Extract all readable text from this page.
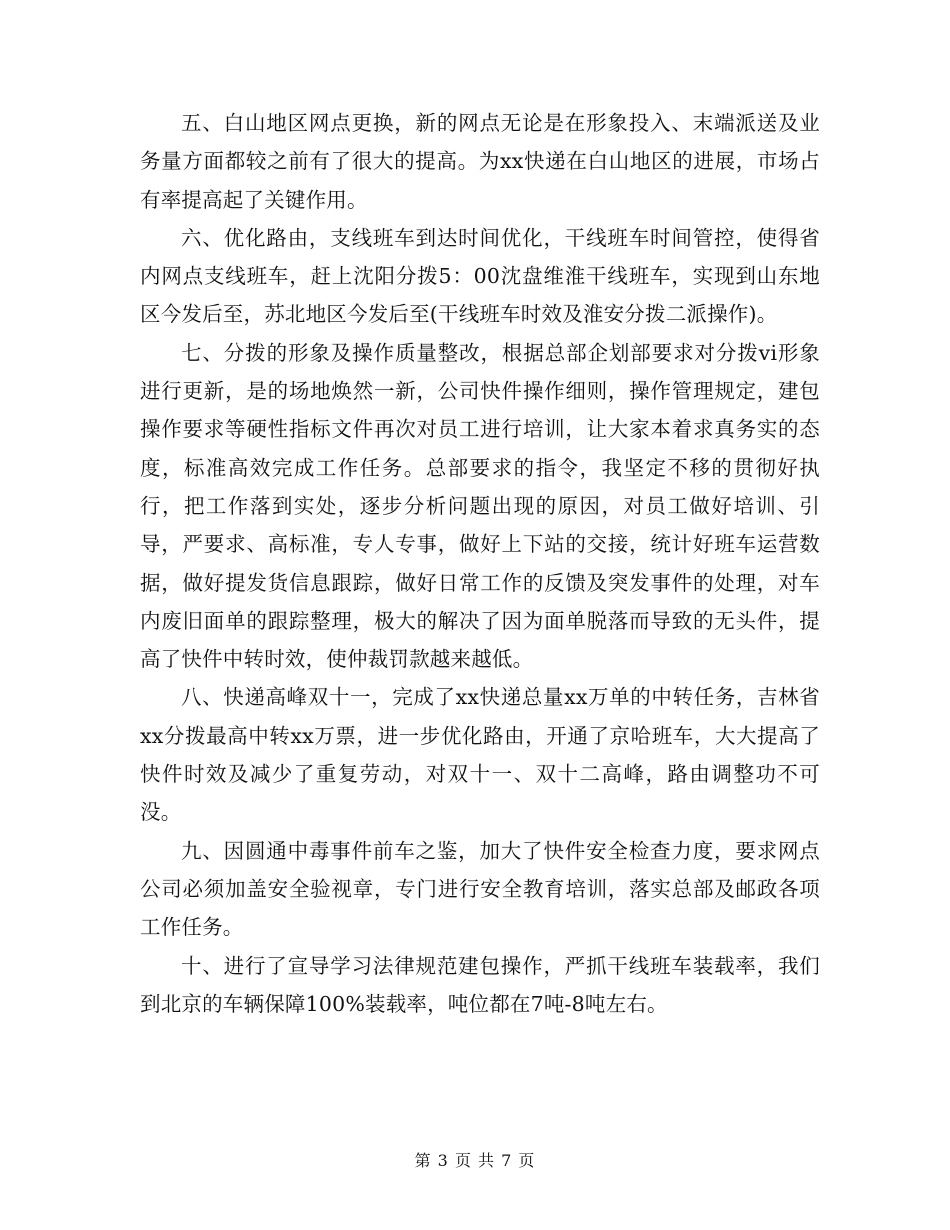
五、白山地区网点更换，新的网点无论是在形象投入、末端派送及业务量方面都较之前有了很大的提高。为xx快递在白山地区的进展，市场占有率提高起了关键作用。

六、优化路由，支线班车到达时间优化，干线班车时间管控，使得省内网点支线班车，赶上沈阳分拨5：00沈盘维淮干线班车，实现到山东地区今发后至，苏北地区今发后至(干线班车时效及淮安分拨二派操作)。

七、分拨的形象及操作质量整改，根据总部企划部要求对分拨vi形象进行更新，是的场地焕然一新，公司快件操作细则，操作管理规定，建包操作要求等硬性指标文件再次对员工进行培训，让大家本着求真务实的态度，标准高效完成工作任务。总部要求的指令，我坚定不移的贯彻好执行，把工作落到实处，逐步分析问题出现的原因，对员工做好培训、引导，严要求、高标准，专人专事，做好上下站的交接，统计好班车运营数据，做好提发货信息跟踪，做好日常工作的反馈及突发事件的处理，对车内废旧面单的跟踪整理，极大的解决了因为面单脱落而导致的无头件，提高了快件中转时效，使仲裁罚款越来越低。

八、快递高峰双十一，完成了xx快递总量xx万单的中转任务，吉林省xx分拨最高中转xx万票，进一步优化路由，开通了京哈班车，大大提高了快件时效及减少了重复劳动，对双十一、双十二高峰，路由调整功不可没。

九、因圆通中毒事件前车之鉴，加大了快件安全检查力度，要求网点公司必须加盖安全验视章，专门进行安全教育培训，落实总部及邮政各项工作任务。

十、进行了宣导学习法律规范建包操作，严抓干线班车装载率，我们到北京的车辆保障100%装载率，吨位都在7吨-8吨左右。

第 3 页 共 7 页
